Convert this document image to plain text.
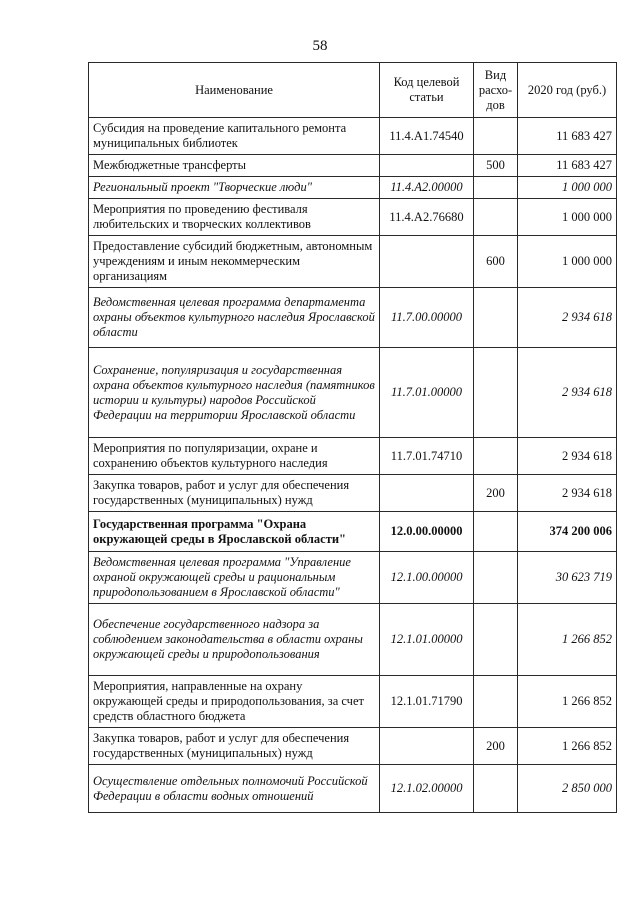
58
Наименование	Код целевой статьи	Вид расхо-дов	2020 год (руб.)
Субсидия на проведение капитального ремонта муниципальных библиотек	11.4.А1.74540		11 683 427
Межбюджетные трансферты		500	11 683 427
Региональный проект "Творческие люди"	11.4.А2.00000		1 000 000
Мероприятия по проведению фестиваля любительских и творческих коллективов	11.4.А2.76680		1 000 000
Предоставление субсидий бюджетным, автономным учреждениям и иным некоммерческим организациям		600	1 000 000
Ведомственная целевая программа департамента охраны объектов культурного наследия Ярославской области	11.7.00.00000		2 934 618
Сохранение, популяризация и государственная охрана объектов культурного наследия (памятников истории и культуры) народов Российской Федерации на территории Ярославской области	11.7.01.00000		2 934 618
Мероприятия по популяризации, охране и сохранению объектов культурного наследия	11.7.01.74710		2 934 618
Закупка товаров, работ и услуг для обеспечения государственных (муниципальных) нужд		200	2 934 618
Государственная программа "Охрана окружающей среды в Ярославской области"	12.0.00.00000		374 200 006
Ведомственная целевая программа "Управление охраной окружающей среды и рациональным природопользованием в Ярославской области"	12.1.00.00000		30 623 719
Обеспечение государственного надзора за соблюдением законодательства в области охраны окружающей среды и природопользования	12.1.01.00000		1 266 852
Мероприятия, направленные на охрану окружающей среды и природопользования, за счет средств областного бюджета	12.1.01.71790		1 266 852
Закупка товаров, работ и услуг для обеспечения государственных (муниципальных) нужд		200	1 266 852
Осуществление отдельных полномочий Российской Федерации в области водных отношений	12.1.02.00000		2 850 000
